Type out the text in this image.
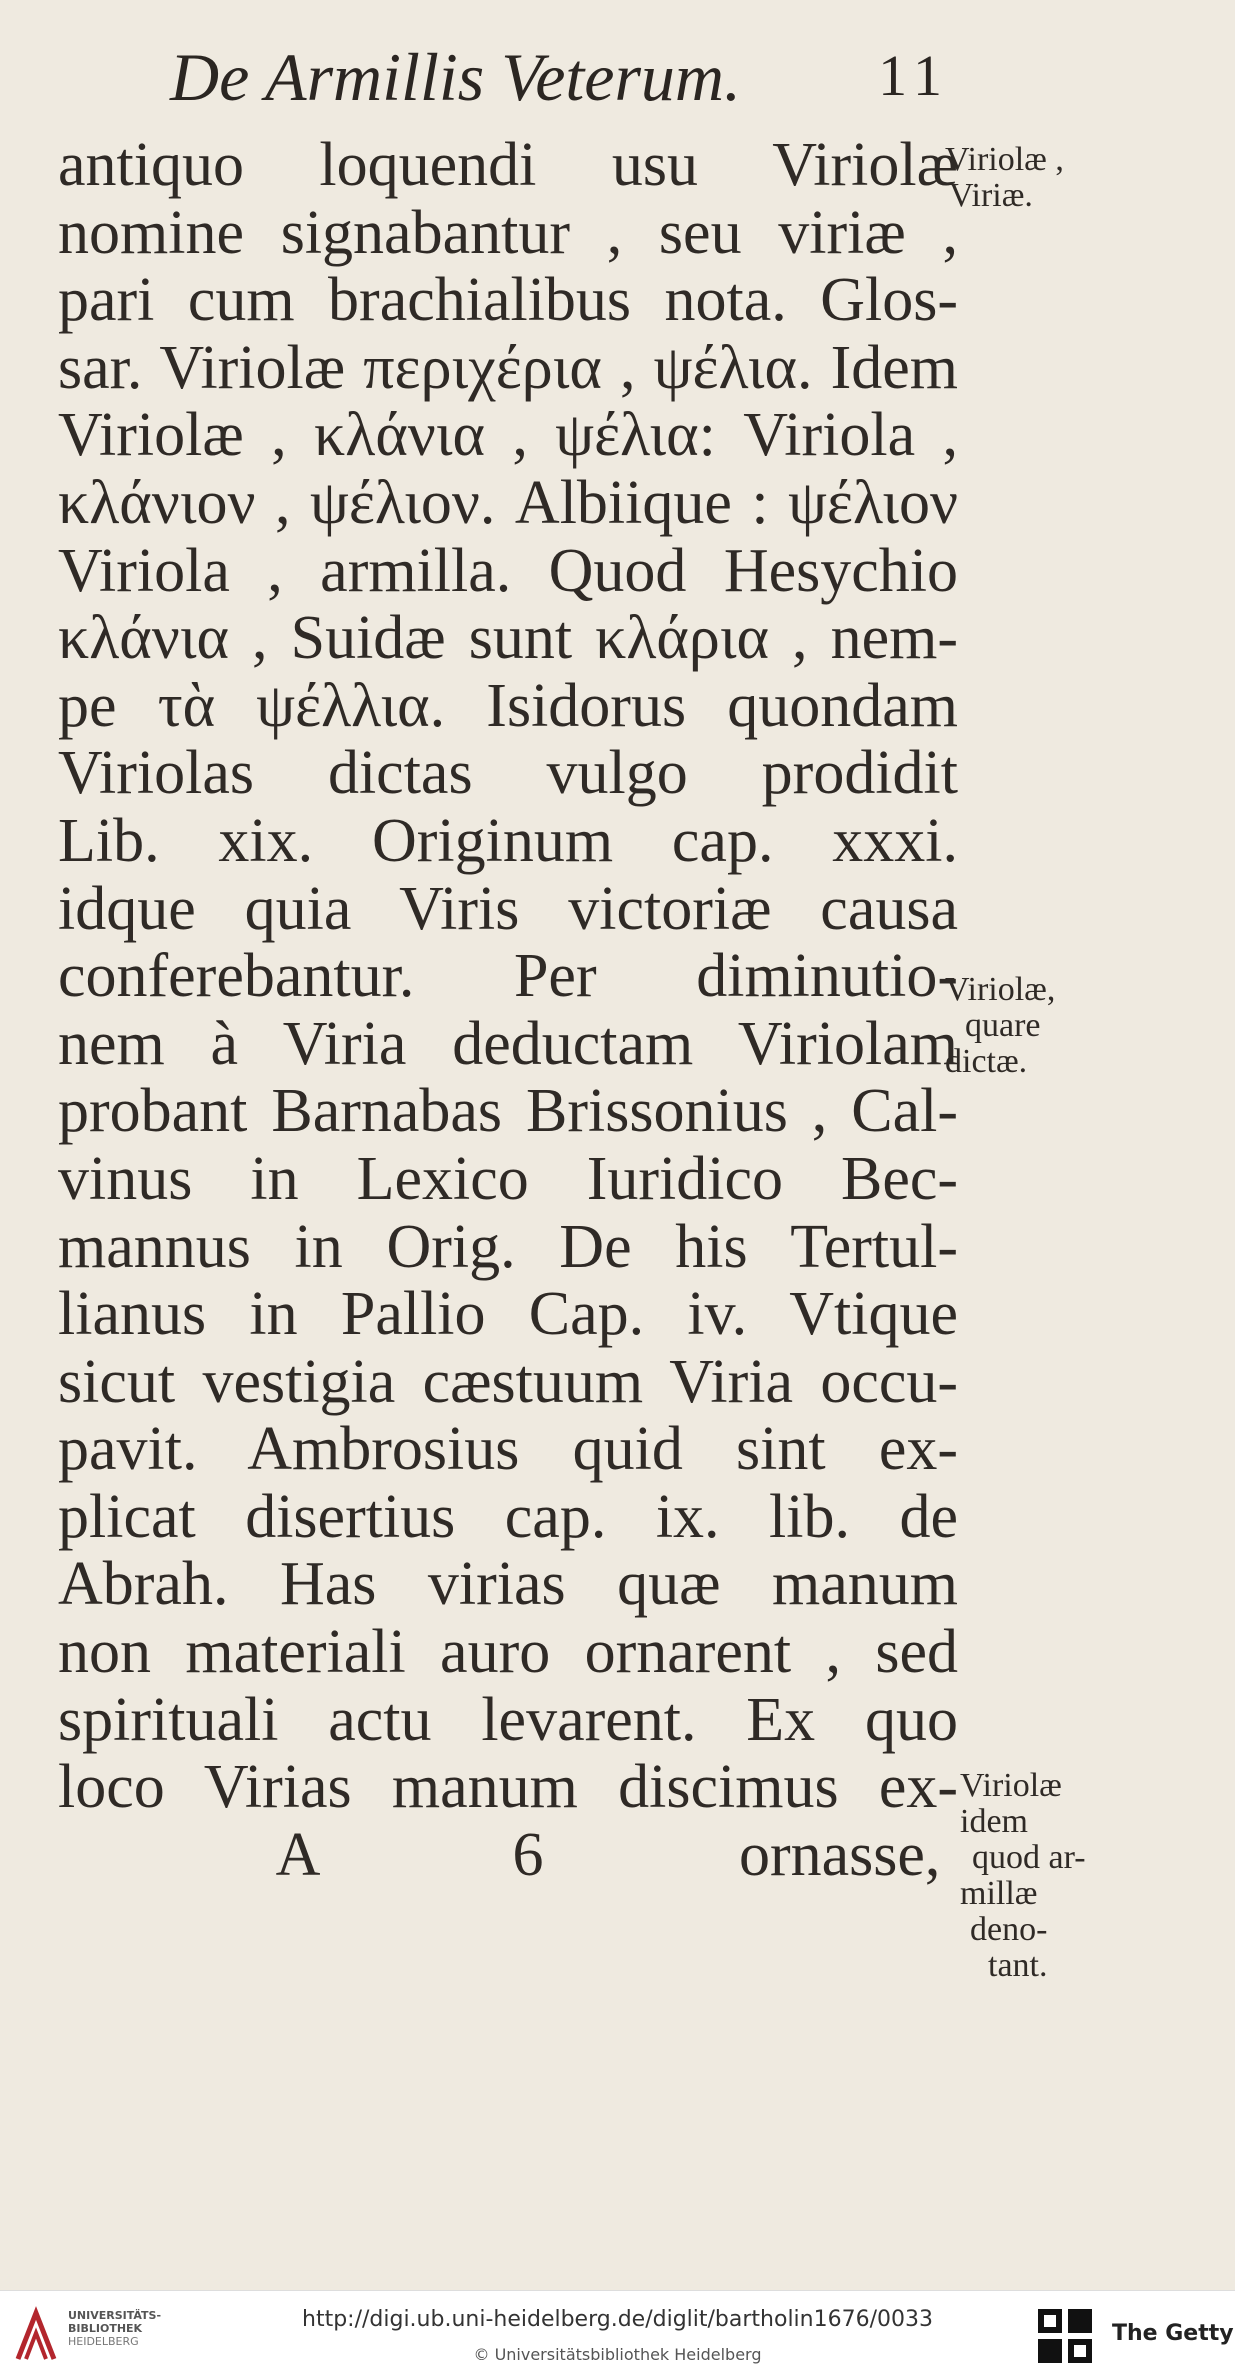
De Armillis Veterum. 11
antiquo loquendi usu Viriolæ
nomine signabantur , seu viriæ ,
pari cum brachialibus nota. Glos-
sar. Viriolæ περιχέρια , ψέλια. Idem
Viriolæ , κλάνια , ψέλια: Viriola ,
κλάνιον , ψέλιον. Albiique : ψέλιον
Viriola , armilla. Quod Hesychio
κλάνια , Suidæ sunt κλάρια , nem-
pe τὰ ψέλλια. Isidorus quondam
Viriolas dictas vulgo prodidit
Lib. xix. Originum cap. xxxi.
idque quia Viris victoriæ causa
conferebantur. Per diminutio-
nem à Viria deductam Viriolam
probant Barnabas Brissonius , Cal-
vinus in Lexico Iuridico Bec-
mannus in Orig. De his Tertul-
lianus in Pallio Cap. iv. Vtique
sicut vestigia cæstuum Viria occu-
pavit. Ambrosius quid sint ex-
plicat disertius cap. ix. lib. de
Abrah. Has virias quæ manum
non materiali auro ornarent , sed
spirituali actu levarent. Ex quo
loco Virias manum discimus ex-
A 6 ornasse,
Viriolæ ,
Viriæ.
Viriolæ,
quare
dictæ.
Viriolæ
idem
quod ar-
millæ
deno-
tant.
UNIVERSITÄTS-
BIBLIOTHEK
HEIDELBERG
http://digi.ub.uni-heidelberg.de/diglit/bartholin1676/0033
© Universitätsbibliothek Heidelberg
The Getty
